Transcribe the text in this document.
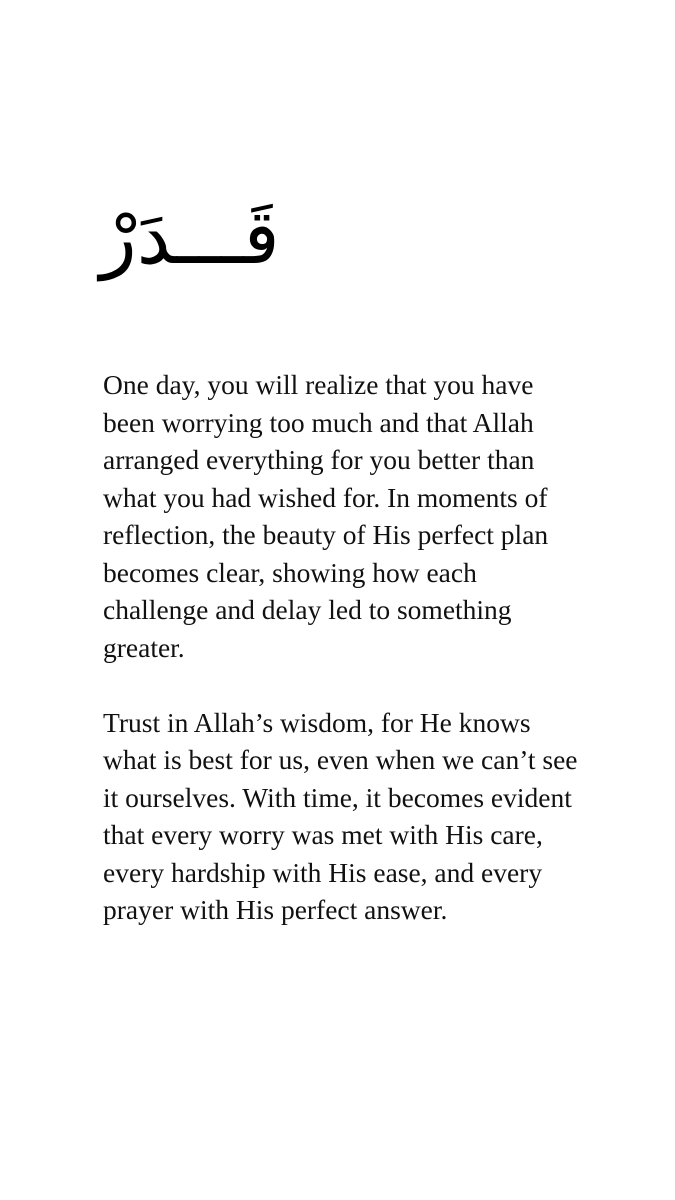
قَـــدَرْ

One day, you will realize that you have been worrying too much and that Allah arranged everything for you better than what you had wished for. In moments of reflection, the beauty of His perfect plan becomes clear, showing how each challenge and delay led to something greater.

Trust in Allah’s wisdom, for He knows what is best for us, even when we can’t see it ourselves. With time, it becomes evident that every worry was met with His care, every hardship with His ease, and every prayer with His perfect answer.
